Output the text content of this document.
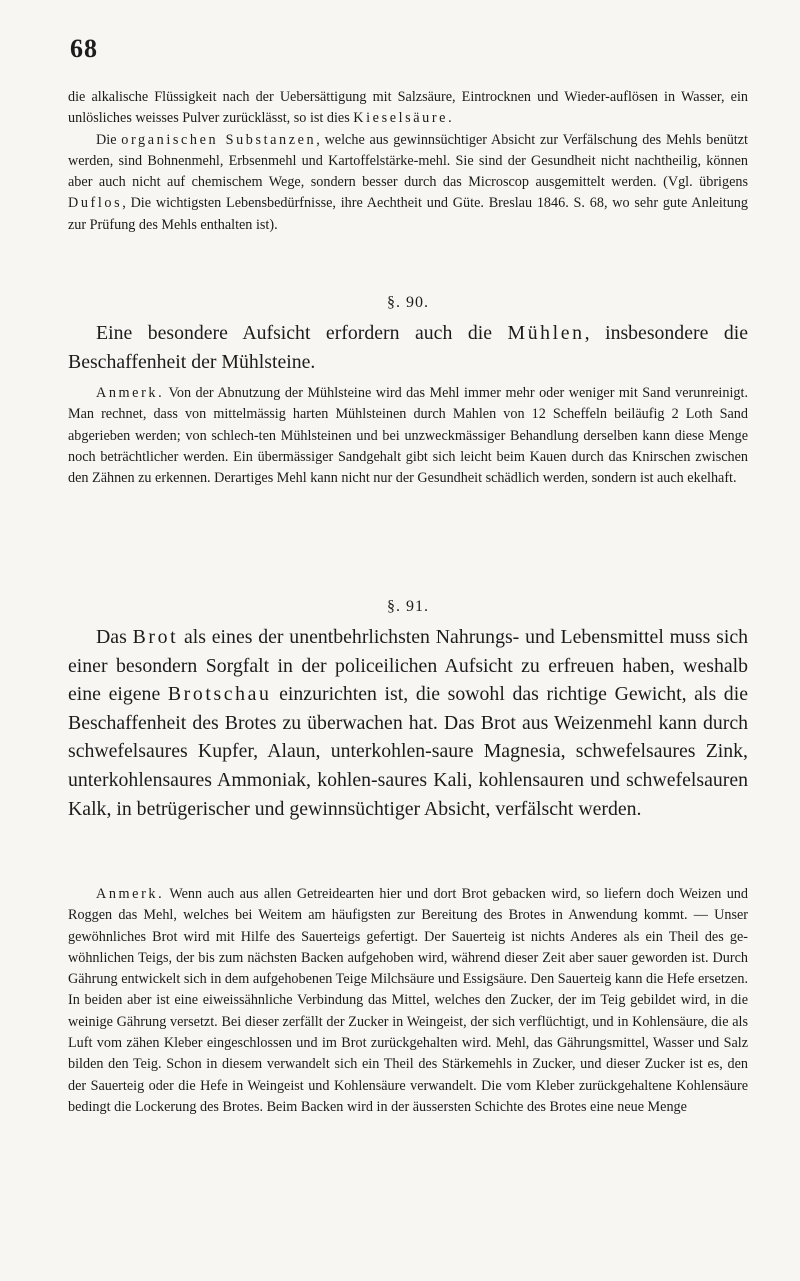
68

die alkalische Flüssigkeit nach der Uebersättigung mit Salzsäure, Eintrocknen und Wieder-auflösen in Wasser, ein unlösliches weisses Pulver zurücklässt, so ist dies Kieselsäure.

Die organischen Substanzen, welche aus gewinnsüchtiger Absicht zur Verfälschung des Mehls benützt werden, sind Bohnenmehl, Erbsenmehl und Kartoffelstärke-mehl. Sie sind der Gesundheit nicht nachtheilig, können aber auch nicht auf chemischem Wege, sondern besser durch das Microscop ausgemittelt werden. (Vgl. übrigens Duflos, Die wichtigsten Lebensbedürfnisse, ihre Aechtheit und Güte. Breslau 1846. S. 68, wo sehr gute Anleitung zur Prüfung des Mehls enthalten ist).

§. 90.

Eine besondere Aufsicht erfordern auch die Mühlen, insbesondere die Beschaffenheit der Mühlsteine.

Anmerk. Von der Abnutzung der Mühlsteine wird das Mehl immer mehr oder weniger mit Sand verunreinigt. Man rechnet, dass von mittelmässig harten Mühlsteinen durch Mahlen von 12 Scheffeln beiläufig 2 Loth Sand abgerieben werden; von schlech-ten Mühlsteinen und bei unzweckmässiger Behandlung derselben kann diese Menge noch beträchtlicher werden. Ein übermässiger Sandgehalt gibt sich leicht beim Kauen durch das Knirschen zwischen den Zähnen zu erkennen. Derartiges Mehl kann nicht nur der Gesundheit schädlich werden, sondern ist auch ekelhaft.

§. 91.

Das Brot als eines der unentbehrlichsten Nahrungs- und Lebensmittel muss sich einer besondern Sorgfalt in der policeilichen Aufsicht zu erfreuen haben, weshalb eine eigene Brotschau einzurichten ist, die sowohl das richtige Gewicht, als die Beschaffenheit des Brotes zu überwachen hat. Das Brot aus Weizenmehl kann durch schwefelsaures Kupfer, Alaun, unterkohlen-saure Magnesia, schwefelsaures Zink, unterkohlensaures Ammoniak, kohlen-saures Kali, kohlensauren und schwefelsauren Kalk, in betrügerischer und gewinnsüchtiger Absicht, verfälscht werden.

Anmerk. Wenn auch aus allen Getreidearten hier und dort Brot gebacken wird, so liefern doch Weizen und Roggen das Mehl, welches bei Weitem am häufigsten zur Bereitung des Brotes in Anwendung kommt. — Unser gewöhnliches Brot wird mit Hilfe des Sauerteigs gefertigt. Der Sauerteig ist nichts Anderes als ein Theil des ge-wöhnlichen Teigs, der bis zum nächsten Backen aufgehoben wird, während dieser Zeit aber sauer geworden ist. Durch Gährung entwickelt sich in dem aufgehobenen Teige Milchsäure und Essigsäure. Den Sauerteig kann die Hefe ersetzen. In beiden aber ist eine eiweissähnliche Verbindung das Mittel, welches den Zucker, der im Teig gebildet wird, in die weinige Gährung versetzt. Bei dieser zerfällt der Zucker in Weingeist, der sich verflüchtigt, und in Kohlensäure, die als Luft vom zähen Kleber eingeschlossen und im Brot zurückgehalten wird. Mehl, das Gährungsmittel, Wasser und Salz bilden den Teig. Schon in diesem verwandelt sich ein Theil des Stärkemehls in Zucker, und dieser Zucker ist es, den der Sauerteig oder die Hefe in Weingeist und Kohlensäure verwandelt. Die vom Kleber zurückgehaltene Kohlensäure bedingt die Lockerung des Brotes. Beim Backen wird in der äussersten Schichte des Brotes eine neue Menge
